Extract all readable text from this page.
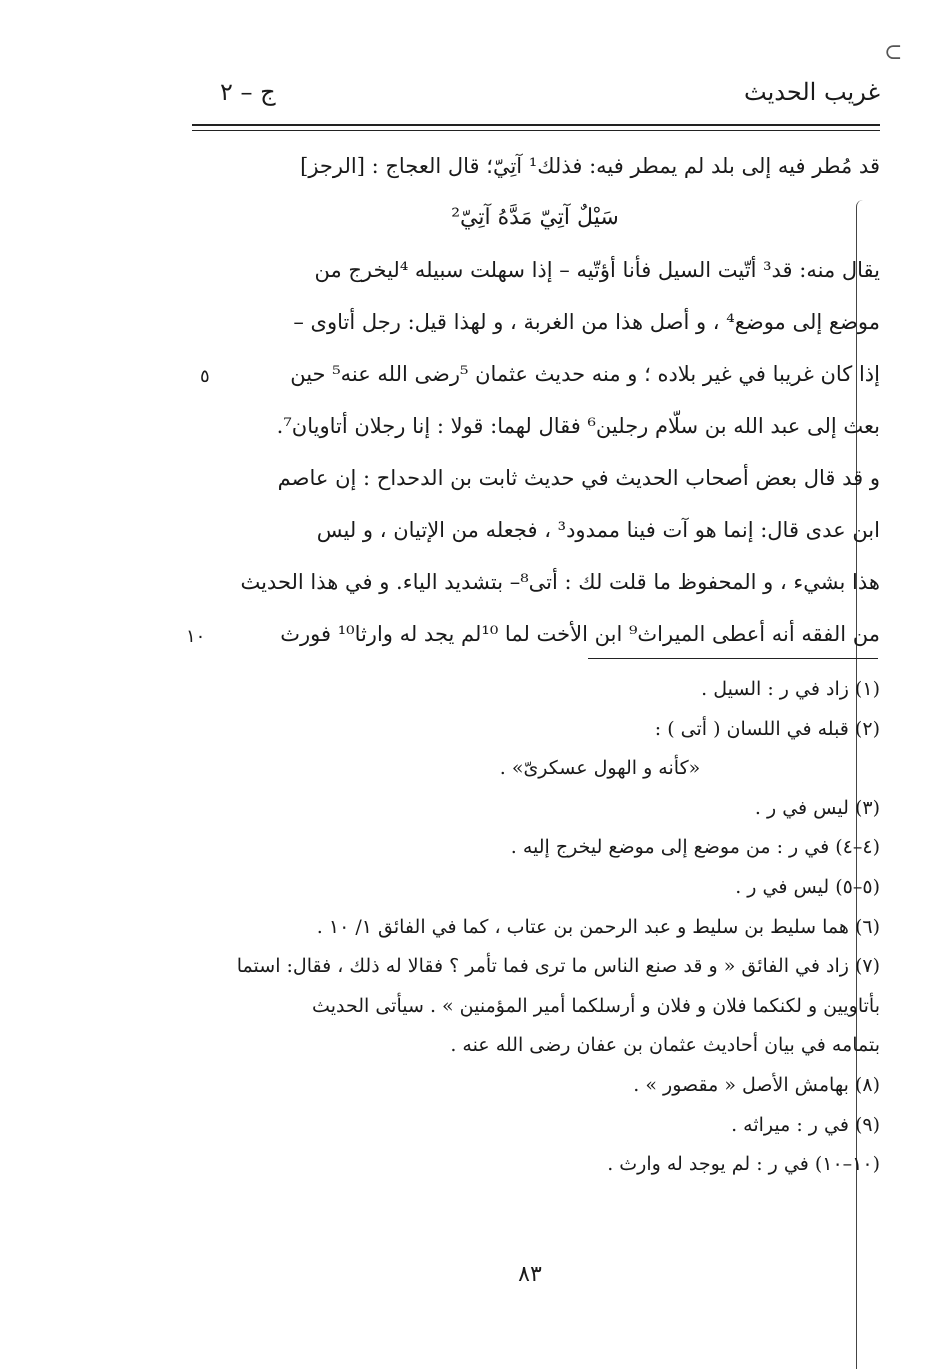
⊂
غريب الحديث
ج – ٢
قد مُطر فيه إلى بلد لم يمطر فيه: فذلك¹ آتِيّ؛ قال العجاج : [الرجز]
سَيْلٌ آتِيّ مَدَّهُ آتِيّ²
يقال منه: قد³ أتّيت السيل فأنا أؤتّيه – إذا سهلت سبيله ⁴ليخرج من
موضع إلى موضع⁴ ، و أصل هذا من الغربة ، و لهذا قيل: رجل أتاوى –
إذا كان غريبا في غير بلاده ؛ و منه حديث عثمان ⁵رضى الله عنه⁵ حين
بعث إلى عبد الله بن سلّام رجلين⁶ فقال لهما: قولا : إنا رجلان أتاويان⁷.
و قد قال بعض أصحاب الحديث في حديث ثابت بن الدحداح : إن عاصم
ابن عدى قال: إنما هو آت فينا ممدود³ ، فجعله من الإتيان ، و ليس
هذا بشيء ، و المحفوظ ما قلت لك : أتى⁸– بتشديد الياء. و في هذا الحديث
من الفقه أنه أعطى الميراث⁹ ابن الأخت لما ¹⁰لم يجد له وارثا¹⁰ فورث
٥
١٠
(١) زاد في ر : السيل .
(٢) قبله في اللسان ( أتى ) :
«كأنه و الهول عسكرىّ» .
(٣) ليس في ر .
(٤–٤) في ر : من موضع إلى موضع ليخرج إليه .
(٥–٥) ليس في ر .
(٦) هما سليط بن سليط و عبد الرحمن بن عتاب ، كما في الفائق ١/ ١٠ .
(٧) زاد في الفائق « و قد صنع الناس ما ترى فما تأمر ؟ فقالا له ذلك ، فقال: استما
بأتاويين و لكنكما فلان و فلان و أرسلكما أمير المؤمنين » . سيأتى الحديث
بتمامه في بيان أحاديث عثمان بن عفان رضى الله عنه .
(٨) بهامش الأصل « مقصور » .
(٩) في ر : ميراثه .
(١٠–١٠) في ر : لم يوجد له وارث .
٨٣
